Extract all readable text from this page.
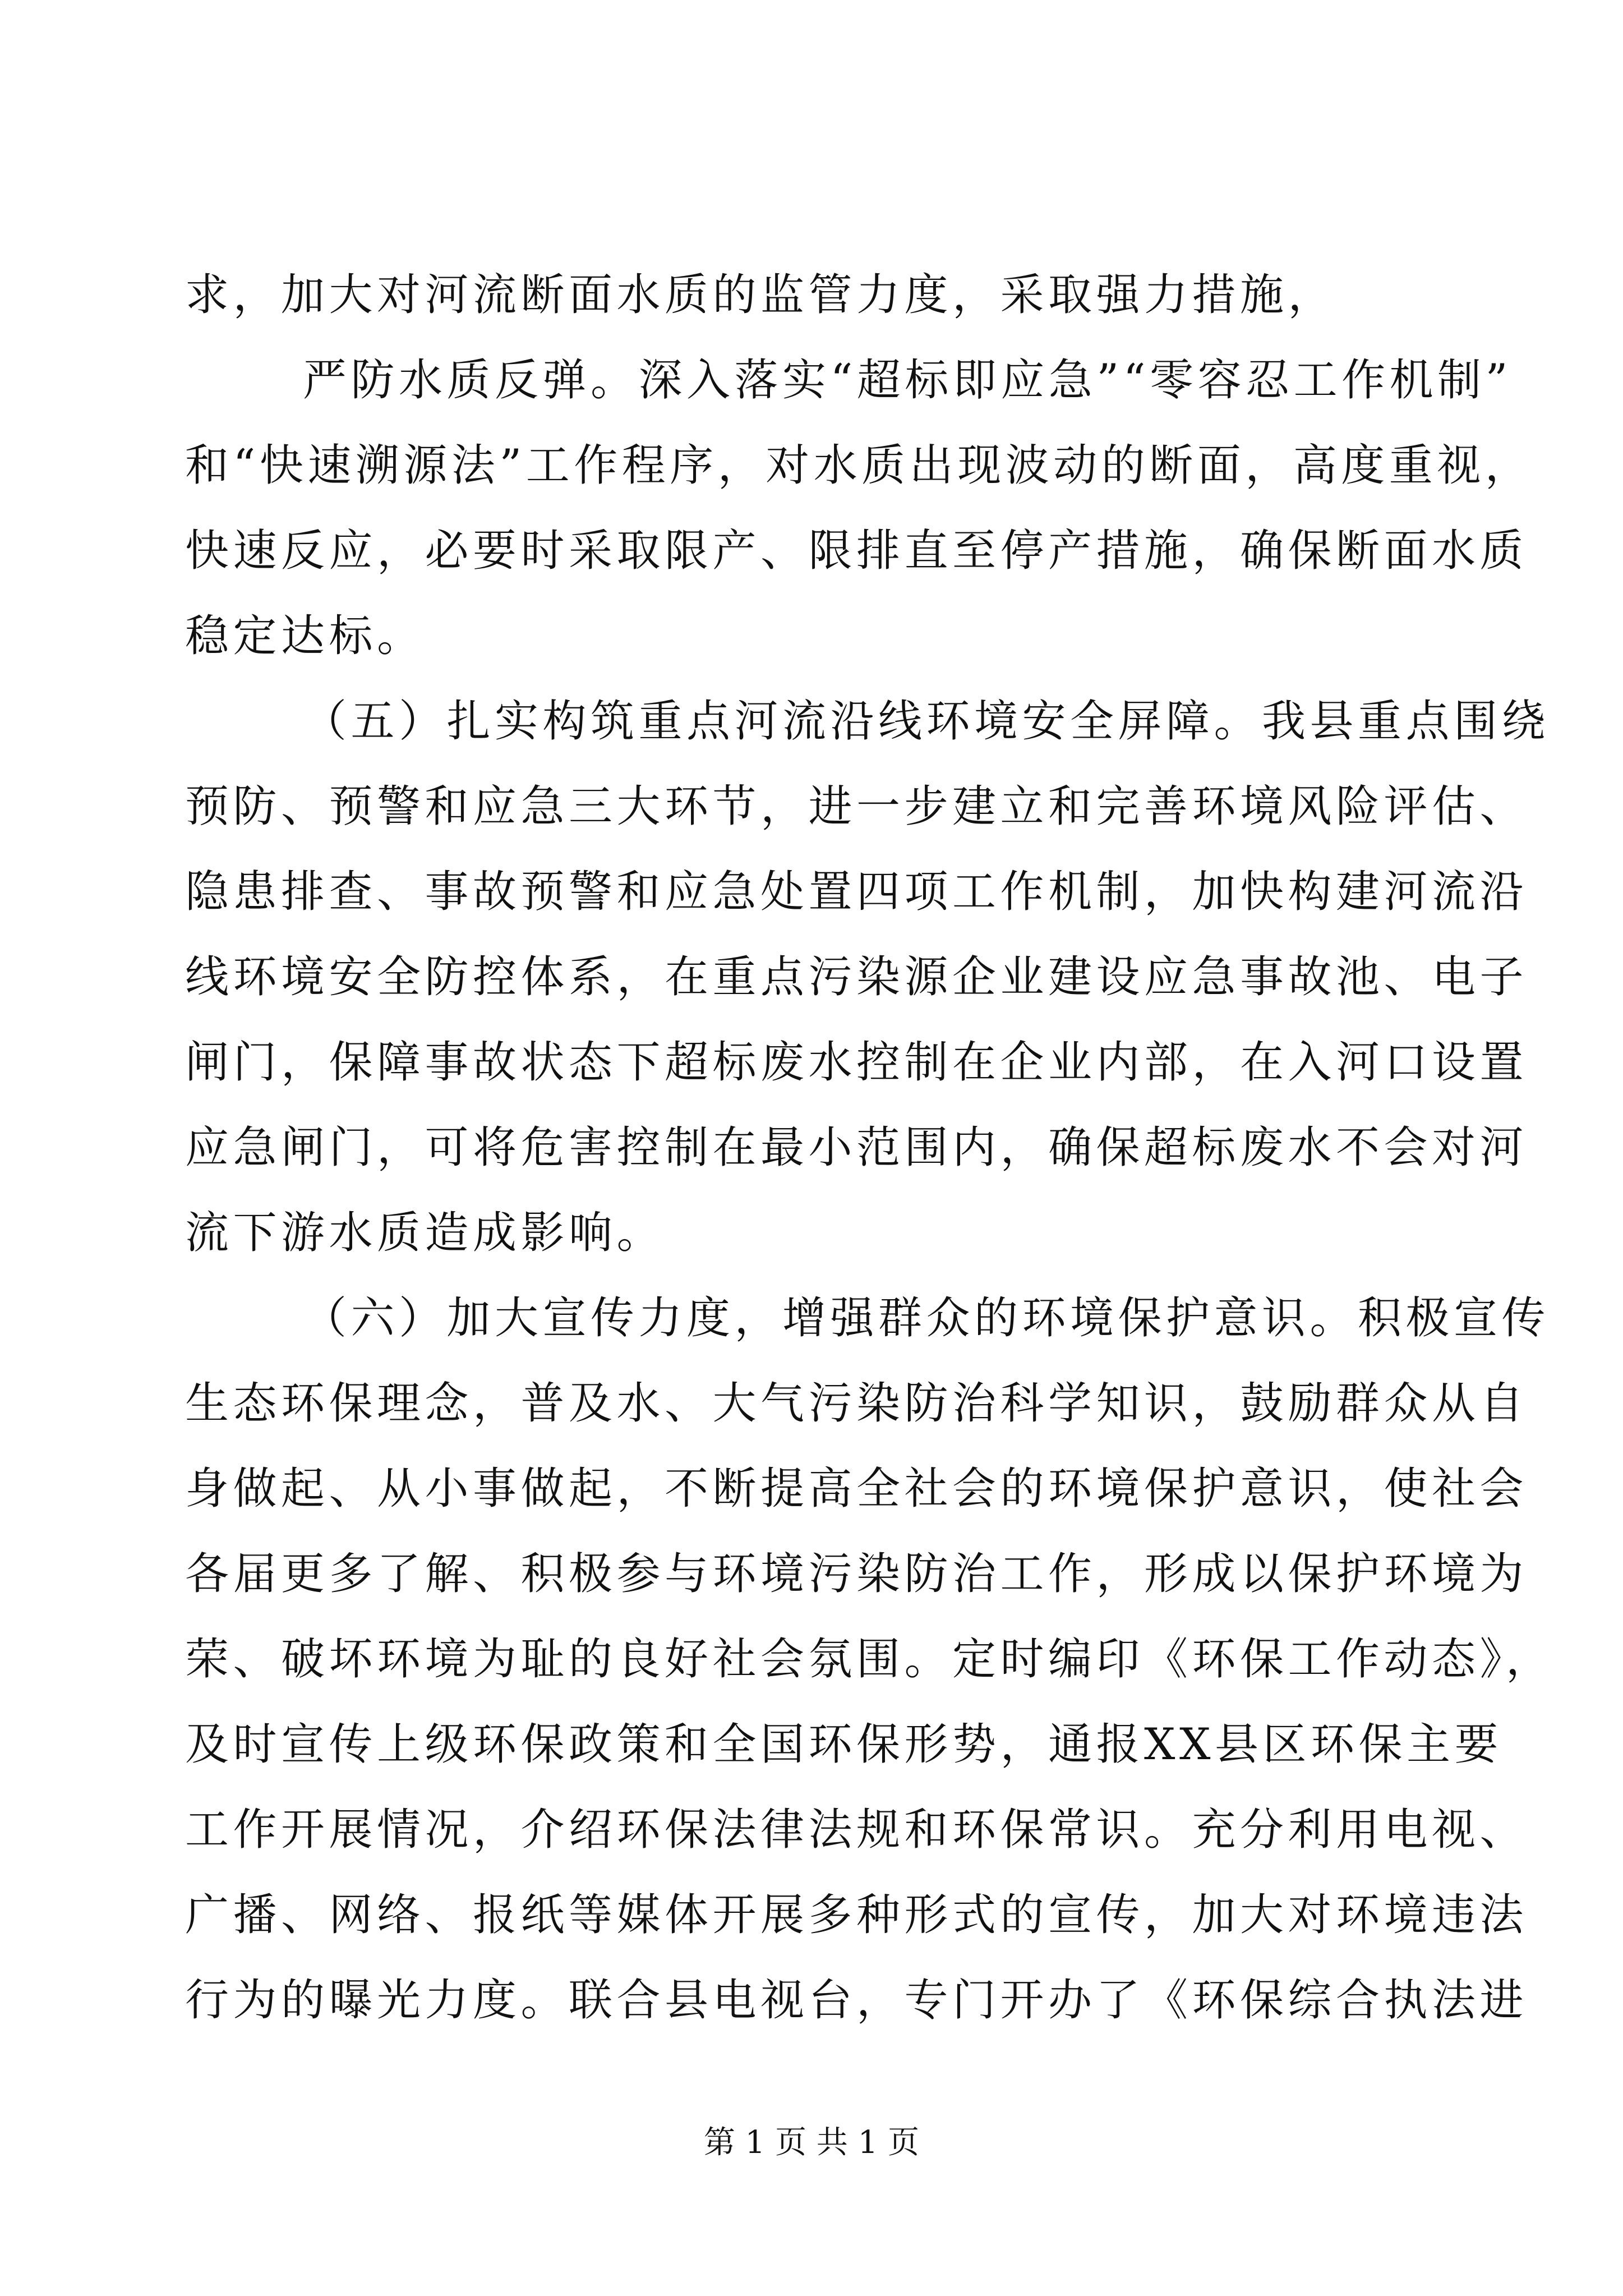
求，加大对河流断面水质的监管力度，采取强力措施，
严防水质反弹。深入落实“超标即应急”“零容忍工作机制”
和“快速溯源法”工作程序，对水质出现波动的断面，高度重视，
快速反应，必要时采取限产、限排直至停产措施，确保断面水质
稳定达标。
（五）扎实构筑重点河流沿线环境安全屏障。我县重点围绕
预防、预警和应急三大环节，进一步建立和完善环境风险评估、
隐患排查、事故预警和应急处置四项工作机制，加快构建河流沿
线环境安全防控体系，在重点污染源企业建设应急事故池、电子
闸门，保障事故状态下超标废水控制在企业内部，在入河口设置
应急闸门，可将危害控制在最小范围内，确保超标废水不会对河
流下游水质造成影响。
（六）加大宣传力度，增强群众的环境保护意识。积极宣传
生态环保理念，普及水、大气污染防治科学知识，鼓励群众从自
身做起、从小事做起，不断提高全社会的环境保护意识，使社会
各届更多了解、积极参与环境污染防治工作，形成以保护环境为
荣、破坏环境为耻的良好社会氛围。定时编印《环保工作动态》，
及时宣传上级环保政策和全国环保形势，通报XX县区环保主要
工作开展情况，介绍环保法律法规和环保常识。充分利用电视、
广播、网络、报纸等媒体开展多种形式的宣传，加大对环境违法
行为的曝光力度。联合县电视台，专门开办了《环保综合执法进
第 1 页 共 1 页
